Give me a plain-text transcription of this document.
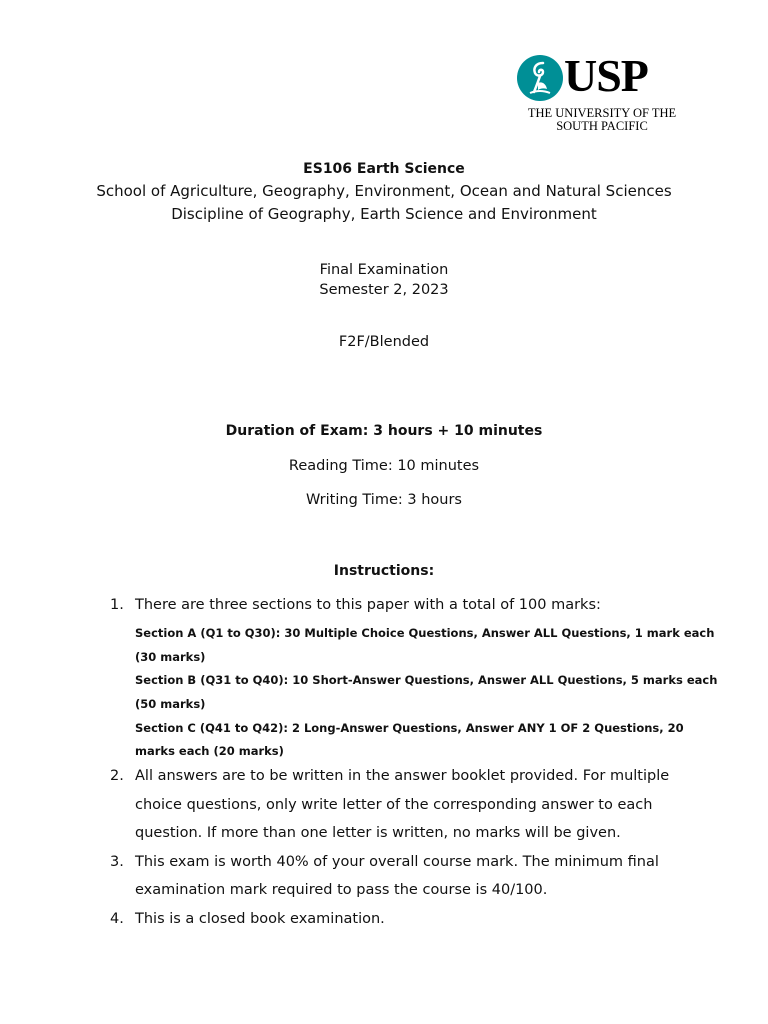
USP
THE UNIVERSITY OF THE
SOUTH PACIFIC
ES106 Earth Science
School of Agriculture, Geography, Environment, Ocean and Natural Sciences
Discipline of Geography, Earth Science and Environment
Final Examination
Semester 2, 2023
F2F/Blended
Duration of Exam: 3 hours + 10 minutes
Reading Time: 10 minutes
Writing Time: 3 hours
Instructions:
1. There are three sections to this paper with a total of 100 marks:
Section A (Q1 to Q30): 30 Multiple Choice Questions, Answer ALL Questions, 1 mark each
(30 marks)
Section B (Q31 to Q40): 10 Short-Answer Questions, Answer ALL Questions, 5 marks each
(50 marks)
Section C (Q41 to Q42): 2 Long-Answer Questions, Answer ANY 1 OF 2 Questions, 20
marks each (20 marks)
2. All answers are to be written in the answer booklet provided. For multiple
choice questions, only write letter of the corresponding answer to each
question. If more than one letter is written, no marks will be given.
3. This exam is worth 40% of your overall course mark. The minimum final
examination mark required to pass the course is 40/100.
4. This is a closed book examination.
